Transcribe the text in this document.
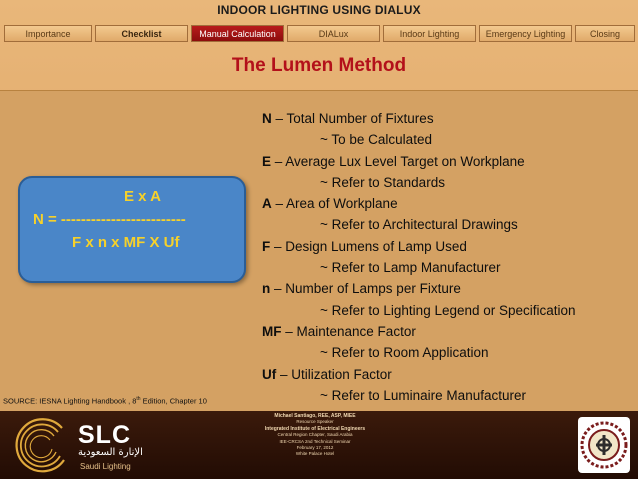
INDOOR LIGHTING USING DIALUX
Importance	Checklist	Manual Calculation	DIALux	Indoor Lighting	Emergency Lighting	Closing
The Lumen Method
E x A
N = -------------------------
F x n x MF X Uf
N – Total Number of Fixtures
~ To be Calculated
E – Average Lux Level Target on Workplane
~ Refer to Standards
A – Area of Workplane
~ Refer to Architectural Drawings
F – Design Lumens of Lamp Used
~ Refer to Lamp Manufacturer
n – Number of Lamps per Fixture
~ Refer to Lighting Legend or Specification
MF – Maintenance Factor
~ Refer to Room Application
Uf – Utilization Factor
~ Refer to Luminaire Manufacturer
SOURCE: IESNA Lighting Handbook , 8th Edition, Chapter 10
SLC
الإنارة السعودية
Saudi Lighting
Michael Santiago, REE, ASP, MIEE
Resource Speaker
Integrated Institute of Electrical Engineers
Central Region Chapter, Saudi Arabia
IEE-CRCSA 2nd Technical Seminar
February 17, 2012
White Palace Hotel
